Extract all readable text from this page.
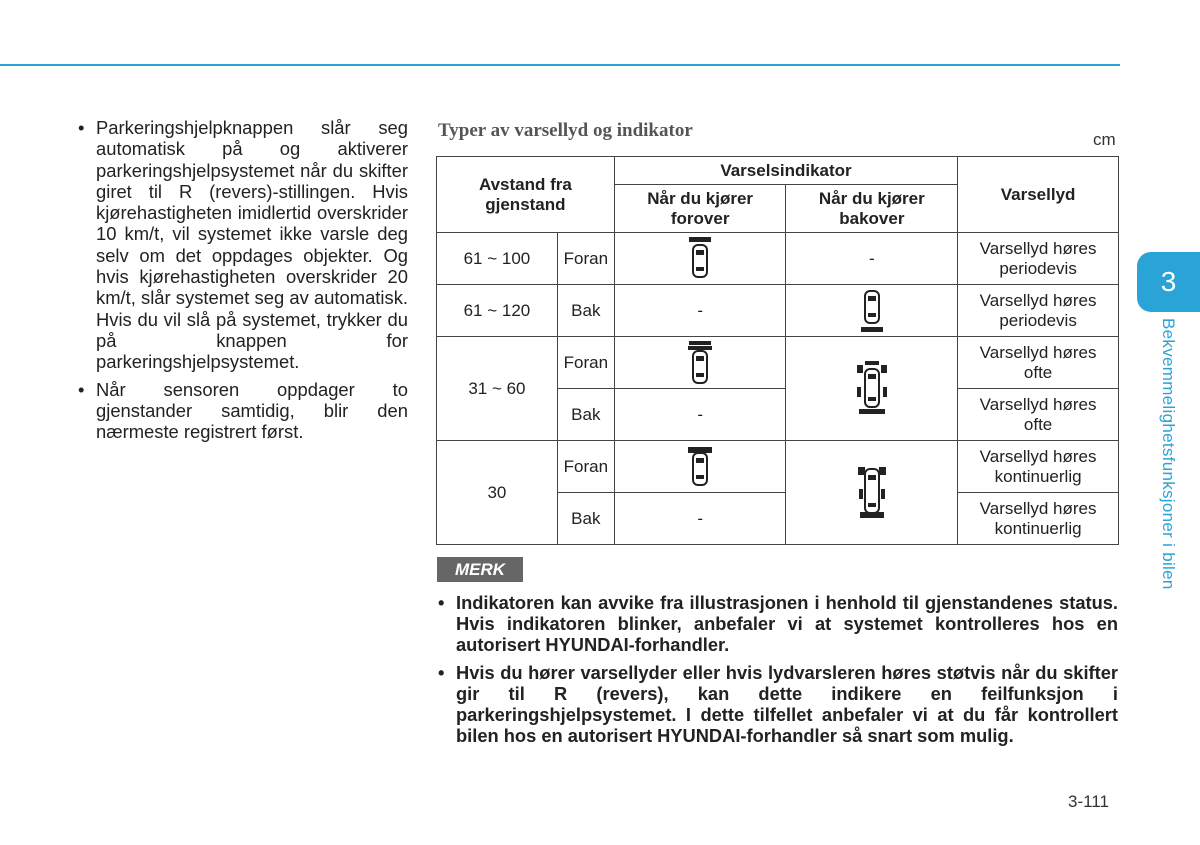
• Parkeringshjelpknappen slår seg automatisk på og aktiverer parkeringshjelpsystemet når du skifter giret til R (revers)-stillingen. Hvis kjørehastigheten imidlertid overskrider 10 km/t, vil systemet ikke varsle deg selv om det oppdages objekter. Og hvis kjørehastigheten overskrider 20 km/t, slår systemet seg av automatisk. Hvis du vil slå på systemet, trykker du på knappen for parkeringshjelpsystemet.
• Når sensoren oppdager to gjenstander samtidig, blir den nærmeste registrert først.
Typer av varsellyd og indikator	cm
Avstand fra gjenstand		Varselsindikator		Varsellyd
		Når du kjører forover	Når du kjører bakover	
61 ~ 100	Foran		-	Varsellyd høres periodevis
61 ~ 120	Bak	-		Varsellyd høres periodevis
31 ~ 60	Foran			Varsellyd høres ofte
	Bak	-		Varsellyd høres ofte
30	Foran			Varsellyd høres kontinuerlig
	Bak	-		Varsellyd høres kontinuerlig
MERK
• Indikatoren kan avvike fra illustrasjonen i henhold til gjenstandenes status. Hvis indikatoren blinker, anbefaler vi at systemet kontrolleres hos en autorisert HYUNDAI-forhandler.
• Hvis du hører varsellyder eller hvis lydvarsleren høres støtvis når du skifter gir til R (revers), kan dette indikere en feilfunksjon i parkeringshjelpsystemet. I dette tilfellet anbefaler vi at du får kontrollert bilen hos en autorisert HYUNDAI-forhandler så snart som mulig.
3
Bekvemmelighetsfunksjoner i bilen
3-111
